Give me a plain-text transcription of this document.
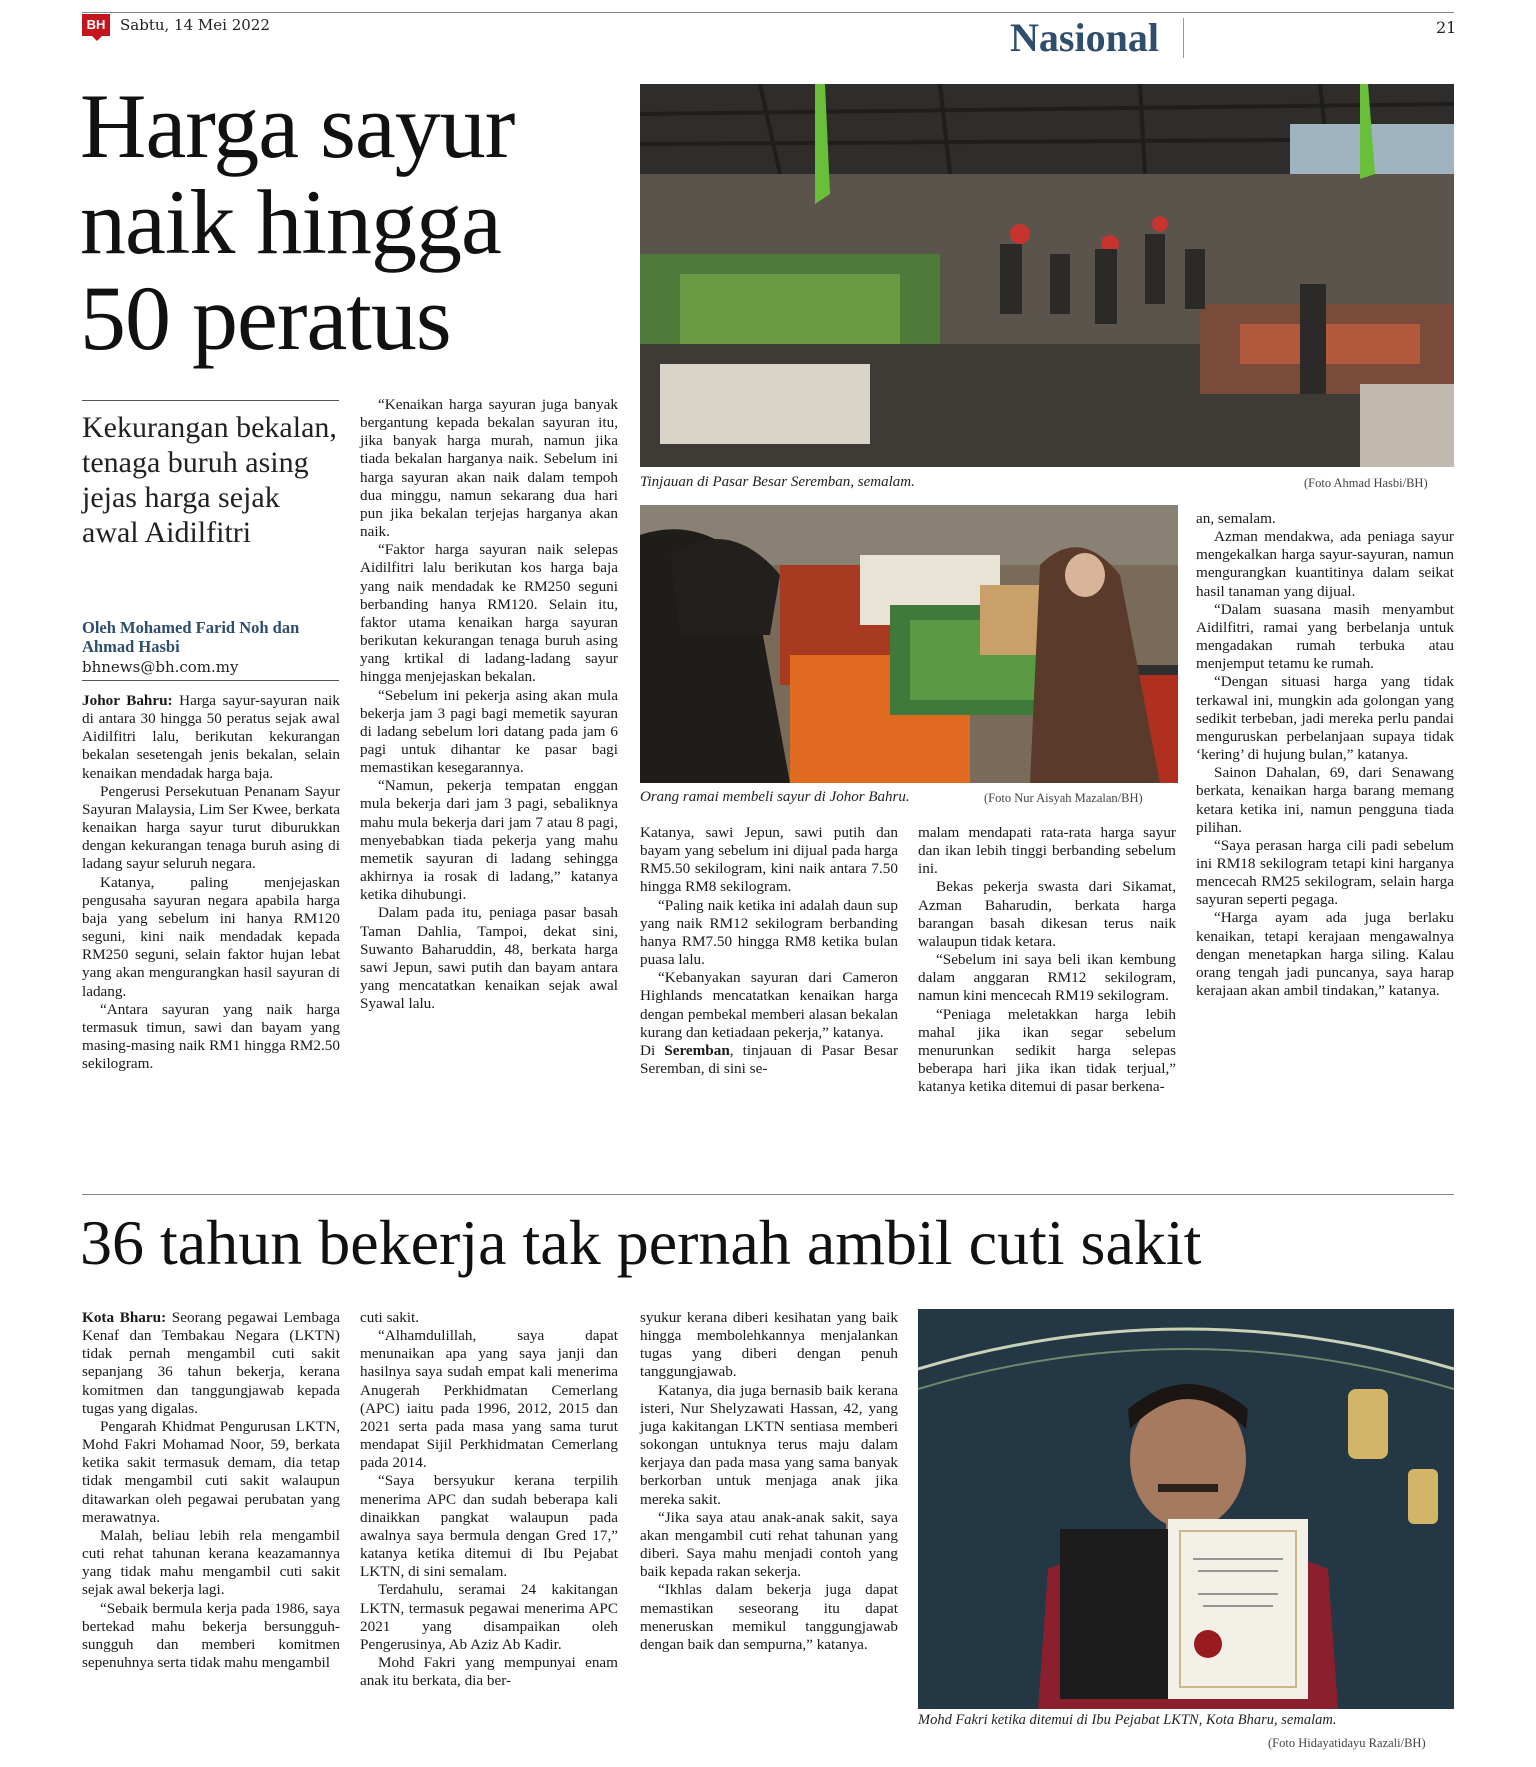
BH Sabtu, 14 Mei 2022	Nasional	21
Harga sayur
naik hingga
50 peratus
Kekurangan bekalan, tenaga buruh asing jejas harga sejak awal Aidilfitri
Oleh Mohamed Farid Noh dan Ahmad Hasbi
bhnews@bh.com.my

Johor Bahru: Harga sayur-sayuran naik di antara 30 hingga 50 peratus sejak awal Aidilfitri lalu, berikutan kekurangan bekalan sesetengah jenis bekalan, selain kenaikan mendadak harga baja.

Pengerusi Persekutuan Penanam Sayur Sayuran Malaysia, Lim Ser Kwee, berkata kenaikan harga sayur turut diburukkan dengan kekurangan tenaga buruh asing di ladang sayur seluruh negara.

Katanya, paling menjejaskan pengusaha sayuran negara apabila harga baja yang sebelum ini hanya RM120 seguni, kini naik mendadak kepada RM250 seguni, selain faktor hujan lebat yang akan mengurangkan hasil sayuran di ladang.

“Antara sayuran yang naik harga termasuk timun, sawi dan bayam yang masing-masing naik RM1 hingga RM2.50 sekilogram.

“Kenaikan harga sayuran juga banyak bergantung kepada bekalan sayuran itu, jika banyak harga murah, namun jika tiada bekalan harganya naik. Sebelum ini harga sayuran akan naik dalam tempoh dua minggu, namun sekarang dua hari pun jika bekalan terjejas harganya akan naik.

“Faktor harga sayuran naik selepas Aidilfitri lalu berikutan kos harga baja yang naik mendadak ke RM250 seguni berbanding hanya RM120. Selain itu, faktor utama kenaikan harga sayuran berikutan kekurangan tenaga buruh asing yang krtikal di ladang-ladang sayur hingga menjejaskan bekalan.

“Sebelum ini pekerja asing akan mula bekerja jam 3 pagi bagi memetik sayuran di ladang sebelum lori datang pada jam 6 pagi untuk dihantar ke pasar bagi memastikan kesegarannya.

“Namun, pekerja tempatan enggan mula bekerja dari jam 3 pagi, sebaliknya mahu mula bekerja dari jam 7 atau 8 pagi, menyebabkan tiada pekerja yang mahu memetik sayuran di ladang sehingga akhirnya ia rosak di ladang,” katanya ketika dihubungi.

Dalam pada itu, peniaga pasar basah Taman Dahlia, Tampoi, dekat sini, Suwanto Baharuddin, 48, berkata harga sawi Jepun, sawi putih dan bayam antara yang mencatatkan kenaikan sejak awal Syawal lalu.

Katanya, sawi Jepun, sawi putih dan bayam yang sebelum ini dijual pada harga RM5.50 sekilogram, kini naik antara 7.50 hingga RM8 sekilogram.

“Paling naik ketika ini adalah daun sup yang naik RM12 sekilogram berbanding hanya RM7.50 hingga RM8 ketika bulan puasa lalu.

“Kebanyakan sayuran dari Cameron Highlands mencatatkan kenaikan harga dengan pembekal memberi alasan bekalan kurang dan ketiadaan pekerja,” katanya.

Di Seremban, tinjauan di Pasar Besar Seremban, di sini se-

malam mendapati rata-rata harga sayur dan ikan lebih tinggi berbanding sebelum ini.

Bekas pekerja swasta dari Sikamat, Azman Baharudin, berkata harga barangan basah dikesan terus naik walaupun tidak ketara.

“Sebelum ini saya beli ikan kembung dalam anggaran RM12 sekilogram, namun kini mencecah RM19 sekilogram.

“Peniaga meletakkan harga lebih mahal jika ikan segar sebelum menurunkan sedikit harga selepas beberapa hari jika ikan tidak terjual,” katanya ketika ditemui di pasar berkena-

an, semalam.

Azman mendakwa, ada peniaga sayur mengekalkan harga sayur-sayuran, namun mengurangkan kuantitinya dalam seikat hasil tanaman yang dijual.

“Dalam suasana masih menyambut Aidilfitri, ramai yang berbelanja untuk mengadakan rumah terbuka atau menjemput tetamu ke rumah.

“Dengan situasi harga yang tidak terkawal ini, mungkin ada golongan yang sedikit terbeban, jadi mereka perlu pandai menguruskan perbelanjaan supaya tidak ‘kering’ di hujung bulan,” katanya.

Sainon Dahalan, 69, dari Senawang berkata, kenaikan harga barang memang ketara ketika ini, namun pengguna tiada pilihan.

“Saya perasan harga cili padi sebelum ini RM18 sekilogram tetapi kini harganya mencecah RM25 sekilogram, selain harga sayuran seperti pegaga.

“Harga ayam ada juga berlaku kenaikan, tetapi kerajaan mengawalnya dengan menetapkan harga siling. Kalau orang tengah jadi puncanya, saya harap kerajaan akan ambil tindakan,” katanya.

Tinjauan di Pasar Besar Seremban, semalam.	(Foto Ahmad Hasbi/BH)
Orang ramai membeli sayur di Johor Bahru.	(Foto Nur Aisyah Mazalan/BH)
36 tahun bekerja tak pernah ambil cuti sakit

Kota Bharu: Seorang pegawai Lembaga Kenaf dan Tembakau Negara (LKTN) tidak pernah mengambil cuti sakit sepanjang 36 tahun bekerja, kerana komitmen dan tanggungjawab kepada tugas yang digalas.

Pengarah Khidmat Pengurusan LKTN, Mohd Fakri Mohamad Noor, 59, berkata ketika sakit termasuk demam, dia tetap tidak mengambil cuti sakit walaupun ditawarkan oleh pegawai perubatan yang merawatnya.

Malah, beliau lebih rela mengambil cuti rehat tahunan kerana keazamannya yang tidak mahu mengambil cuti sakit sejak awal bekerja lagi.

“Sebaik bermula kerja pada 1986, saya bertekad mahu bekerja bersungguh-sungguh dan memberi komitmen sepenuhnya serta tidak mahu mengambil

cuti sakit.

“Alhamdulillah, saya dapat menunaikan apa yang saya janji dan hasilnya saya sudah empat kali menerima Anugerah Perkhidmatan Cemerlang (APC) iaitu pada 1996, 2012, 2015 dan 2021 serta pada masa yang sama turut mendapat Sijil Perkhidmatan Cemerlang pada 2014.

“Saya bersyukur kerana terpilih menerima APC dan sudah beberapa kali dinaikkan pangkat walaupun pada awalnya saya bermula dengan Gred 17,” katanya ketika ditemui di Ibu Pejabat LKTN, di sini semalam.

Terdahulu, seramai 24 kakitangan LKTN, termasuk pegawai menerima APC 2021 yang disampaikan oleh Pengerusinya, Ab Aziz Ab Kadir.

Mohd Fakri yang mempunyai enam anak itu berkata, dia ber-

syukur kerana diberi kesihatan yang baik hingga membolehkannya menjalankan tugas yang diberi dengan penuh tanggungjawab.

Katanya, dia juga bernasib baik kerana isteri, Nur Shelyzawati Hassan, 42, yang juga kakitangan LKTN sentiasa memberi sokongan untuknya terus maju dalam kerjaya dan pada masa yang sama banyak berkorban untuk menjaga anak jika mereka sakit.

“Jika saya atau anak-anak sakit, saya akan mengambil cuti rehat tahunan yang diberi. Saya mahu menjadi contoh yang baik kepada rakan sekerja.

“Ikhlas dalam bekerja juga dapat memastikan seseorang itu dapat meneruskan memikul tanggungjawab dengan baik dan sempurna,” katanya.

Mohd Fakri ketika ditemui di Ibu Pejabat LKTN, Kota Bharu, semalam.
(Foto Hidayatidayu Razali/BH)
